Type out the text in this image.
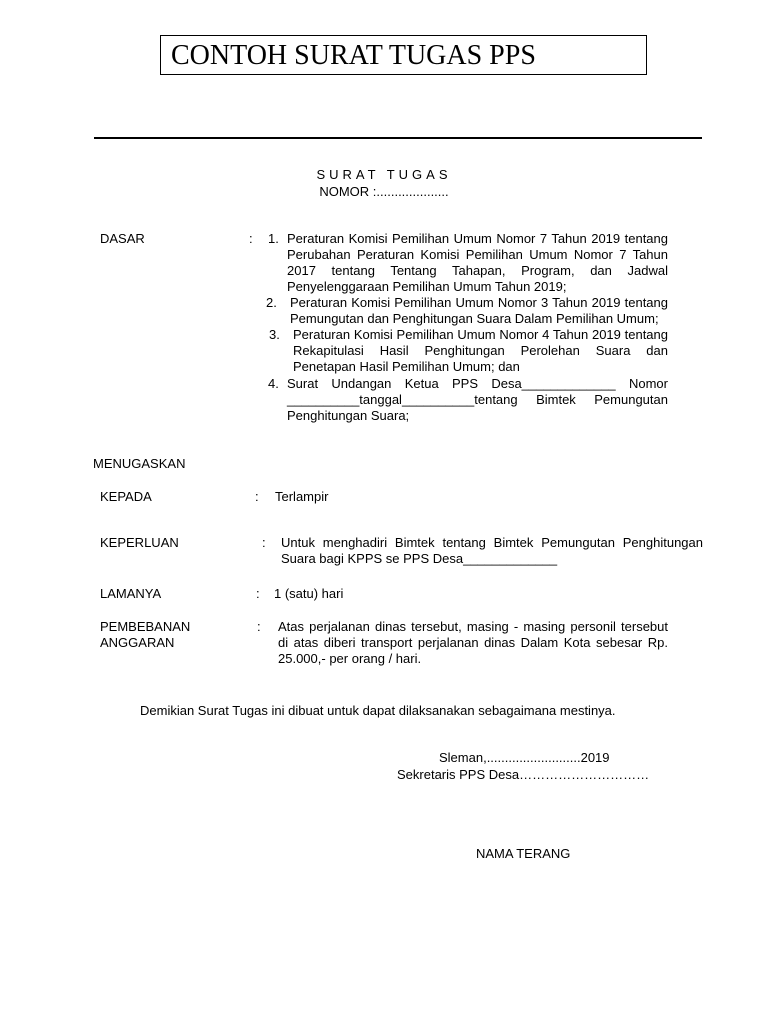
CONTOH SURAT TUGAS PPS
SURAT TUGAS
NOMOR :....................
DASAR	: 1. Peraturan Komisi Pemilihan Umum Nomor 7 Tahun 2019 tentang Perubahan Peraturan Komisi Pemilihan Umum Nomor 7 Tahun 2017 tentang Tentang Tahapan, Program, dan Jadwal Penyelenggaraan Pemilihan Umum Tahun 2019;
2. Peraturan Komisi Pemilihan Umum Nomor 3 Tahun 2019 tentang Pemungutan dan Penghitungan Suara Dalam Pemilihan Umum;
3. Peraturan Komisi Pemilihan Umum Nomor 4 Tahun 2019 tentang Rekapitulasi Hasil Penghitungan Perolehan Suara dan Penetapan Hasil Pemilihan Umum; dan
4. Surat Undangan Ketua PPS Desa_____________ Nomor __________tanggal__________tentang Bimtek Pemungutan Penghitungan Suara;
MENUGASKAN
KEPADA	: Terlampir
KEPERLUAN	: Untuk menghadiri Bimtek tentang Bimtek Pemungutan Penghitungan Suara bagi KPPS se PPS Desa_____________
LAMANYA	: 1 (satu) hari
PEMBEBANAN
ANGGARAN
: Atas perjalanan dinas tersebut, masing - masing personil tersebut di atas diberi transport perjalanan dinas Dalam Kota sebesar Rp. 25.000,- per orang / hari.
Demikian Surat Tugas ini dibuat untuk dapat dilaksanakan sebagaimana mestinya.
Sleman,..........................2019
Sekretaris PPS Desa…………………………
NAMA TERANG
